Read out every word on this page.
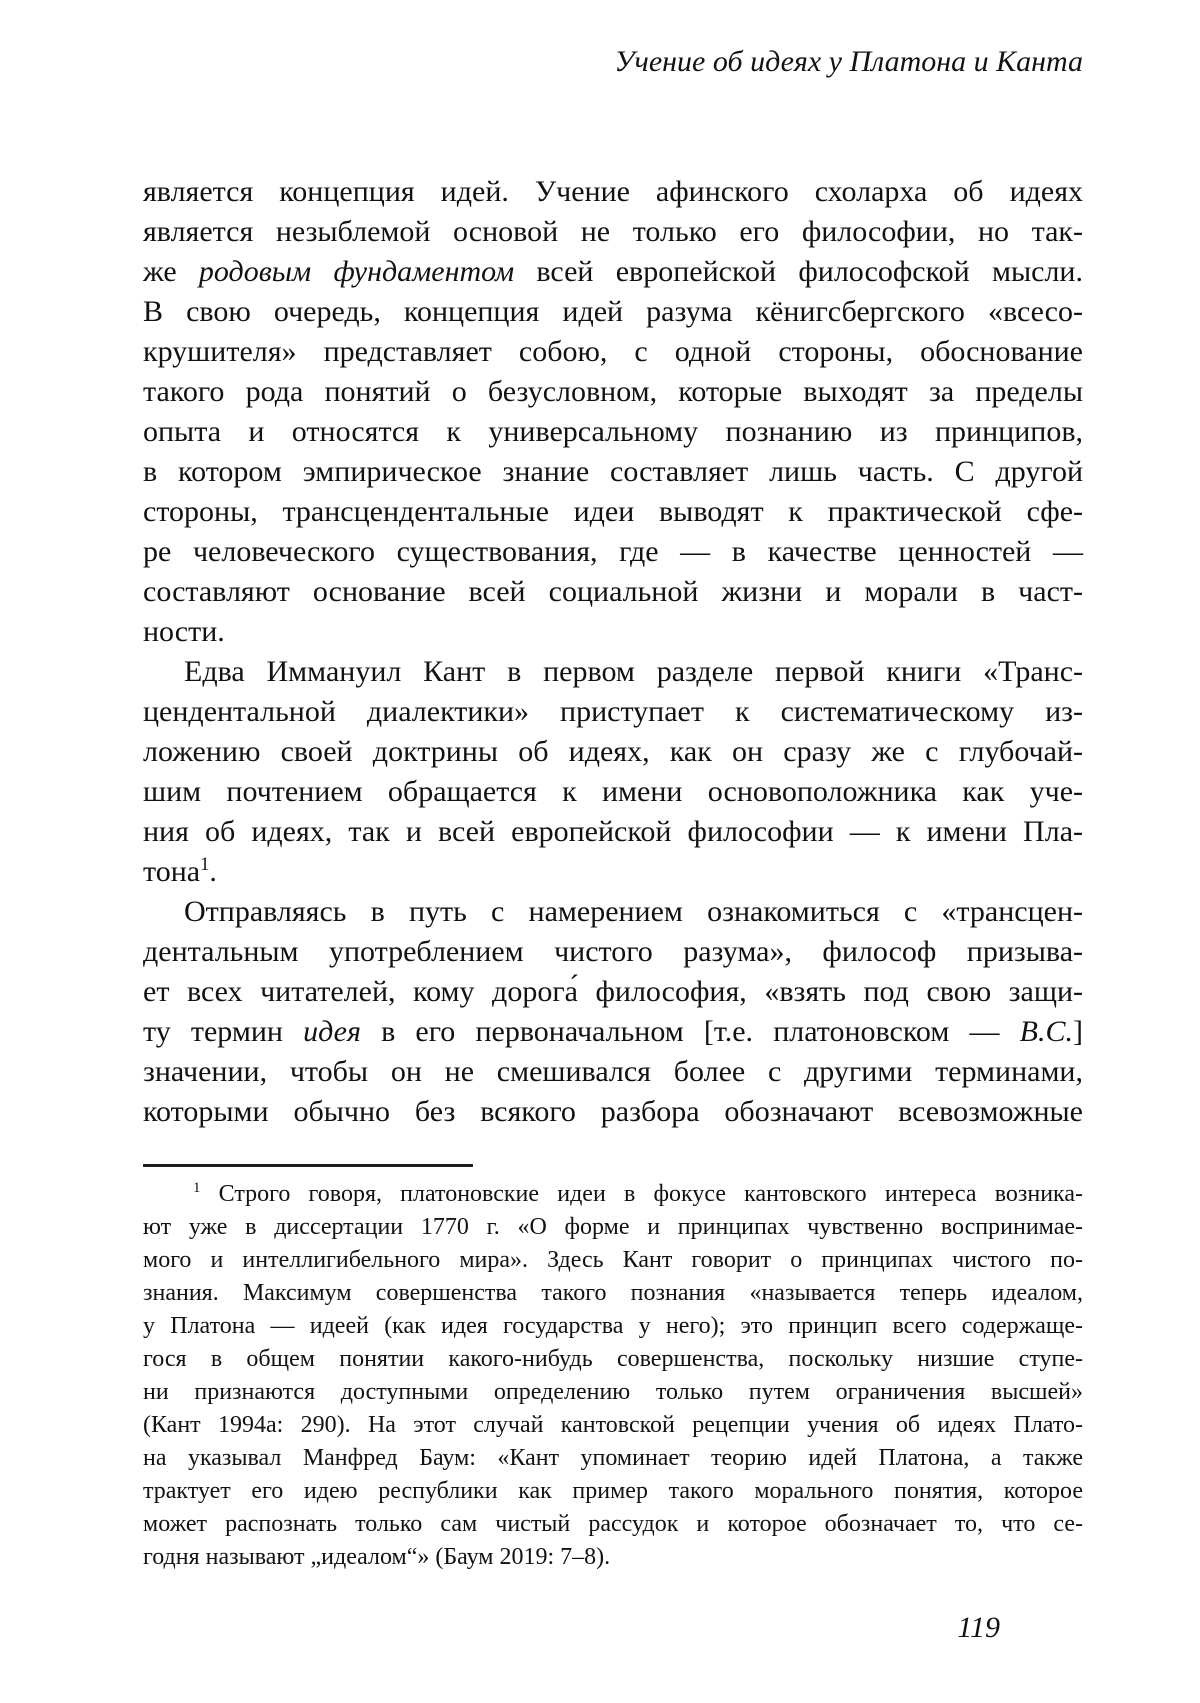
Учение об идеях у Платона и Канта
является концепция идей. Учение афинского схоларха об идеях
является незыблемой основой не только его философии, но так-
же родовым фундаментом всей европейской философской мысли.
В свою очередь, концепция идей разума кёнигсбергского «всесо-
крушителя» представляет собою, с одной стороны, обоснование
такого рода понятий о безусловном, которые выходят за пределы
опыта и относятся к универсальному познанию из принципов,
в котором эмпирическое знание составляет лишь часть. С другой
стороны, трансцендентальные идеи выводят к практической сфе-
ре человеческого существования, где — в качестве ценностей —
составляют основание всей социальной жизни и морали в част-
ности.
Едва Иммануил Кант в первом разделе первой книги «Транс-
цендентальной диалектики» приступает к систематическому из-
ложению своей доктрины об идеях, как он сразу же с глубочай-
шим почтением обращается к имени основоположника как уче-
ния об идеях, так и всей европейской философии — к имени Пла-
тона$^1$.
Отправляясь в путь с намерением ознакомиться с «трансцен-
дентальным употреблением чистого разума», философ призыва-
ет всех читателей, кому дорога́ философия, «взять под свою защи-
ту термин идея в его первоначальном [т.е. платоновском — В.С.]
значении, чтобы он не смешивался более с другими терминами,
которыми обычно без всякого разбора обозначают всевозможные
$^1$ Строго говоря, платоновские идеи в фокусе кантовского интереса возника-
ют уже в диссертации 1770 г. «О форме и принципах чувственно воспринимае-
мого и интеллигибельного мира». Здесь Кант говорит о принципах чистого по-
знания. Максимум совершенства такого познания «называется теперь идеалом,
у Платона — идеей (как идея государства у него); это принцип всего содержаще-
гося в общем понятии какого-нибудь совершенства, поскольку низшие ступе-
ни признаются доступными определению только путем ограничения высшей»
(Кант 1994а: 290). На этот случай кантовской рецепции учения об идеях Плато-
на указывал Манфред Баум: «Кант упоминает теорию идей Платона, а также
трактует его идею республики как пример такого морального понятия, которое
может распознать только сам чистый рассудок и которое обозначает то, что се-
годня называют „идеалом“» (Баум 2019: 7–8).
119
